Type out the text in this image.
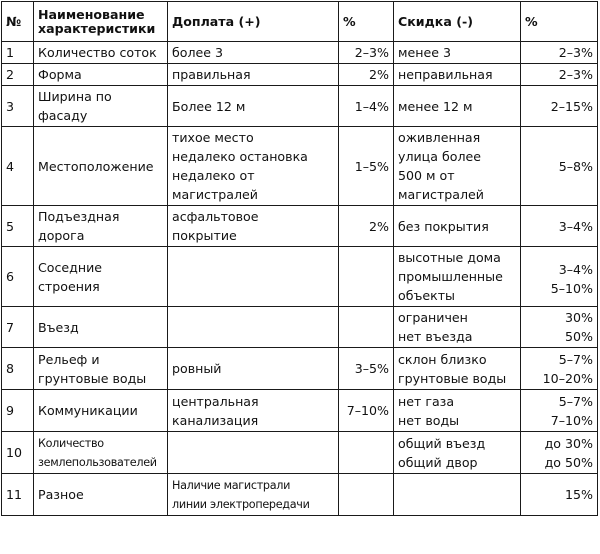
№	Наименование характеристики	Доплата (+)	%	Скидка (-)	%
1	Количество соток	более 3	2–3%	менее 3	2–3%

2	Форма	правильная	2%	неправильная	2–3%

3	Ширина по
фасаду	Более 12 м	1–4%	менее 12 м	2–15%

4	Местоположение	тихое место
недалеко остановка
недалеко от
магистралей	1–5%	оживленная
улица более
500 м от
магистралей	5–8%

5	Подъездная
дорога	асфальтовое
покрытие	2%	без покрытия	3–4%

6	Соседние
строения			высотные дома
промышленные
объекты	3–4%
5–10%

7	Въезд			ограничен
нет въезда	30%
50%

8	Рельеф и
грунтовые воды	ровный	3–5%	склон близко
грунтовые воды	5–7%
10–20%

9	Коммуникации	центральная
канализация	7–10%	нет газа
нет воды	5–7%
7–10%

10	Количество
землепользователей			общий въезд
общий двор	до 30%
до 50%

11	Разное	Наличие магистрали
линии электропередачи			15%
